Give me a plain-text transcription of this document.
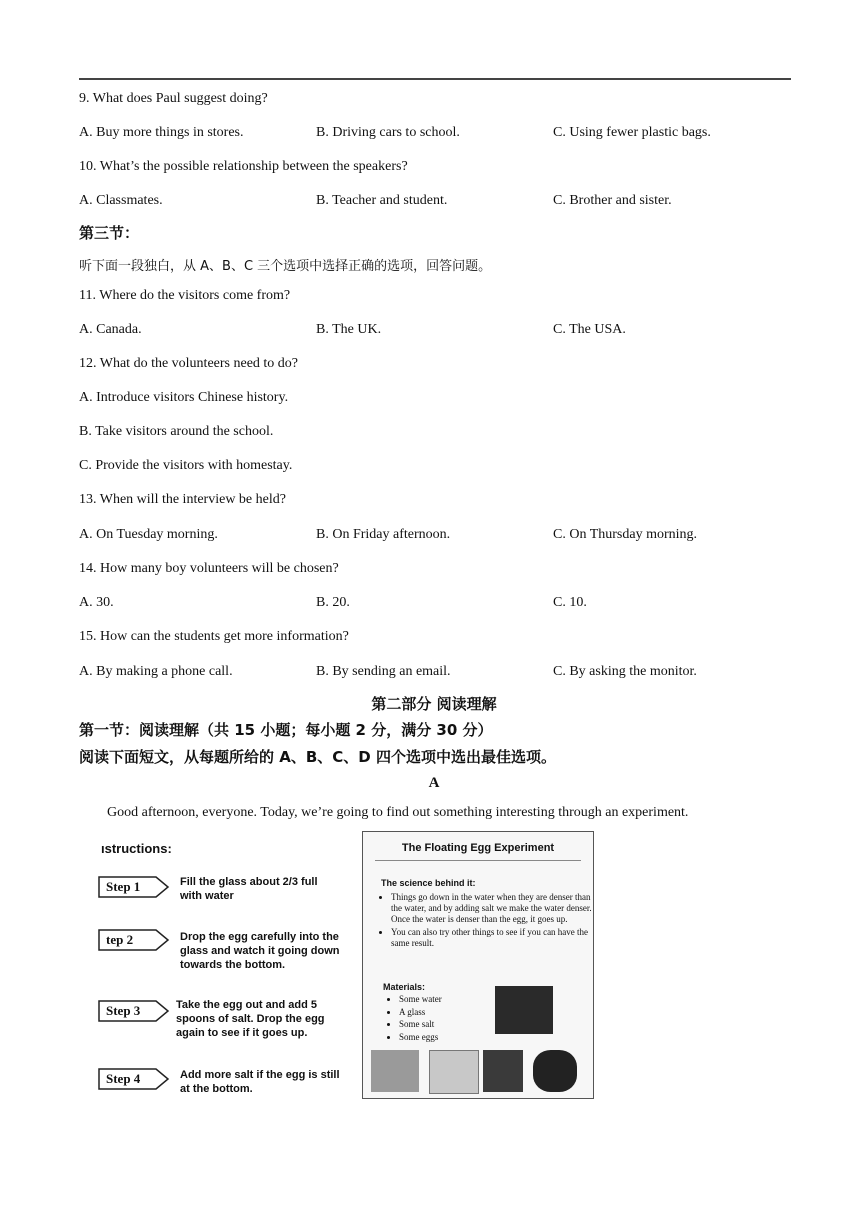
9. What does Paul suggest doing?
A. Buy more things in stores.	B. Driving cars to school.	C. Using fewer plastic bags.
10. What’s the possible relationship between the speakers?
A. Classmates.	B. Teacher and student.	C. Brother and sister.
第三节：
听下面一段独白，从 A、B、C 三个选项中选择正确的选项，回答问题。
11. Where do the visitors come from?
A. Canada.	B. The UK.	C. The USA.
12. What do the volunteers need to do?
A. Introduce visitors Chinese history.
B. Take visitors around the school.
C. Provide the visitors with homestay.
13. When will the interview be held?
A. On Tuesday morning.	B. On Friday afternoon.	C. On Thursday morning.
14. How many boy volunteers will be chosen?
A. 30.	B. 20.	C. 10.
15. How can the students get more information?
A. By making a phone call.	B. By sending an email.	C. By asking the monitor.
第二部分 阅读理解
第一节：阅读理解（共 15 小题；每小题 2 分，满分 30 分）
阅读下面短文，从每题所给的 A、B、C、D 四个选项中选出最佳选项。
A
Good afternoon, everyone. Today, we’re going to find out something interesting through an experiment.
ıstructions:
Step 1	Fill the glass about 2/3 full with water
tep 2	Drop the egg carefully into the glass and watch it going down towards the bottom.
Step 3	Take the egg out and add 5 spoons of salt. Drop the egg again to see if it goes up.
Step 4	Add more salt if the egg is still at the bottom.
The Floating Egg Experiment
The science behind it:
• Things go down in the water when they are denser than the water, and by adding salt we make the water denser. Once the water is denser than the egg, it goes up.
• You can also try other things to see if you can have the same result.
Materials:
• Some water
• A glass
• Some salt
• Some eggs
